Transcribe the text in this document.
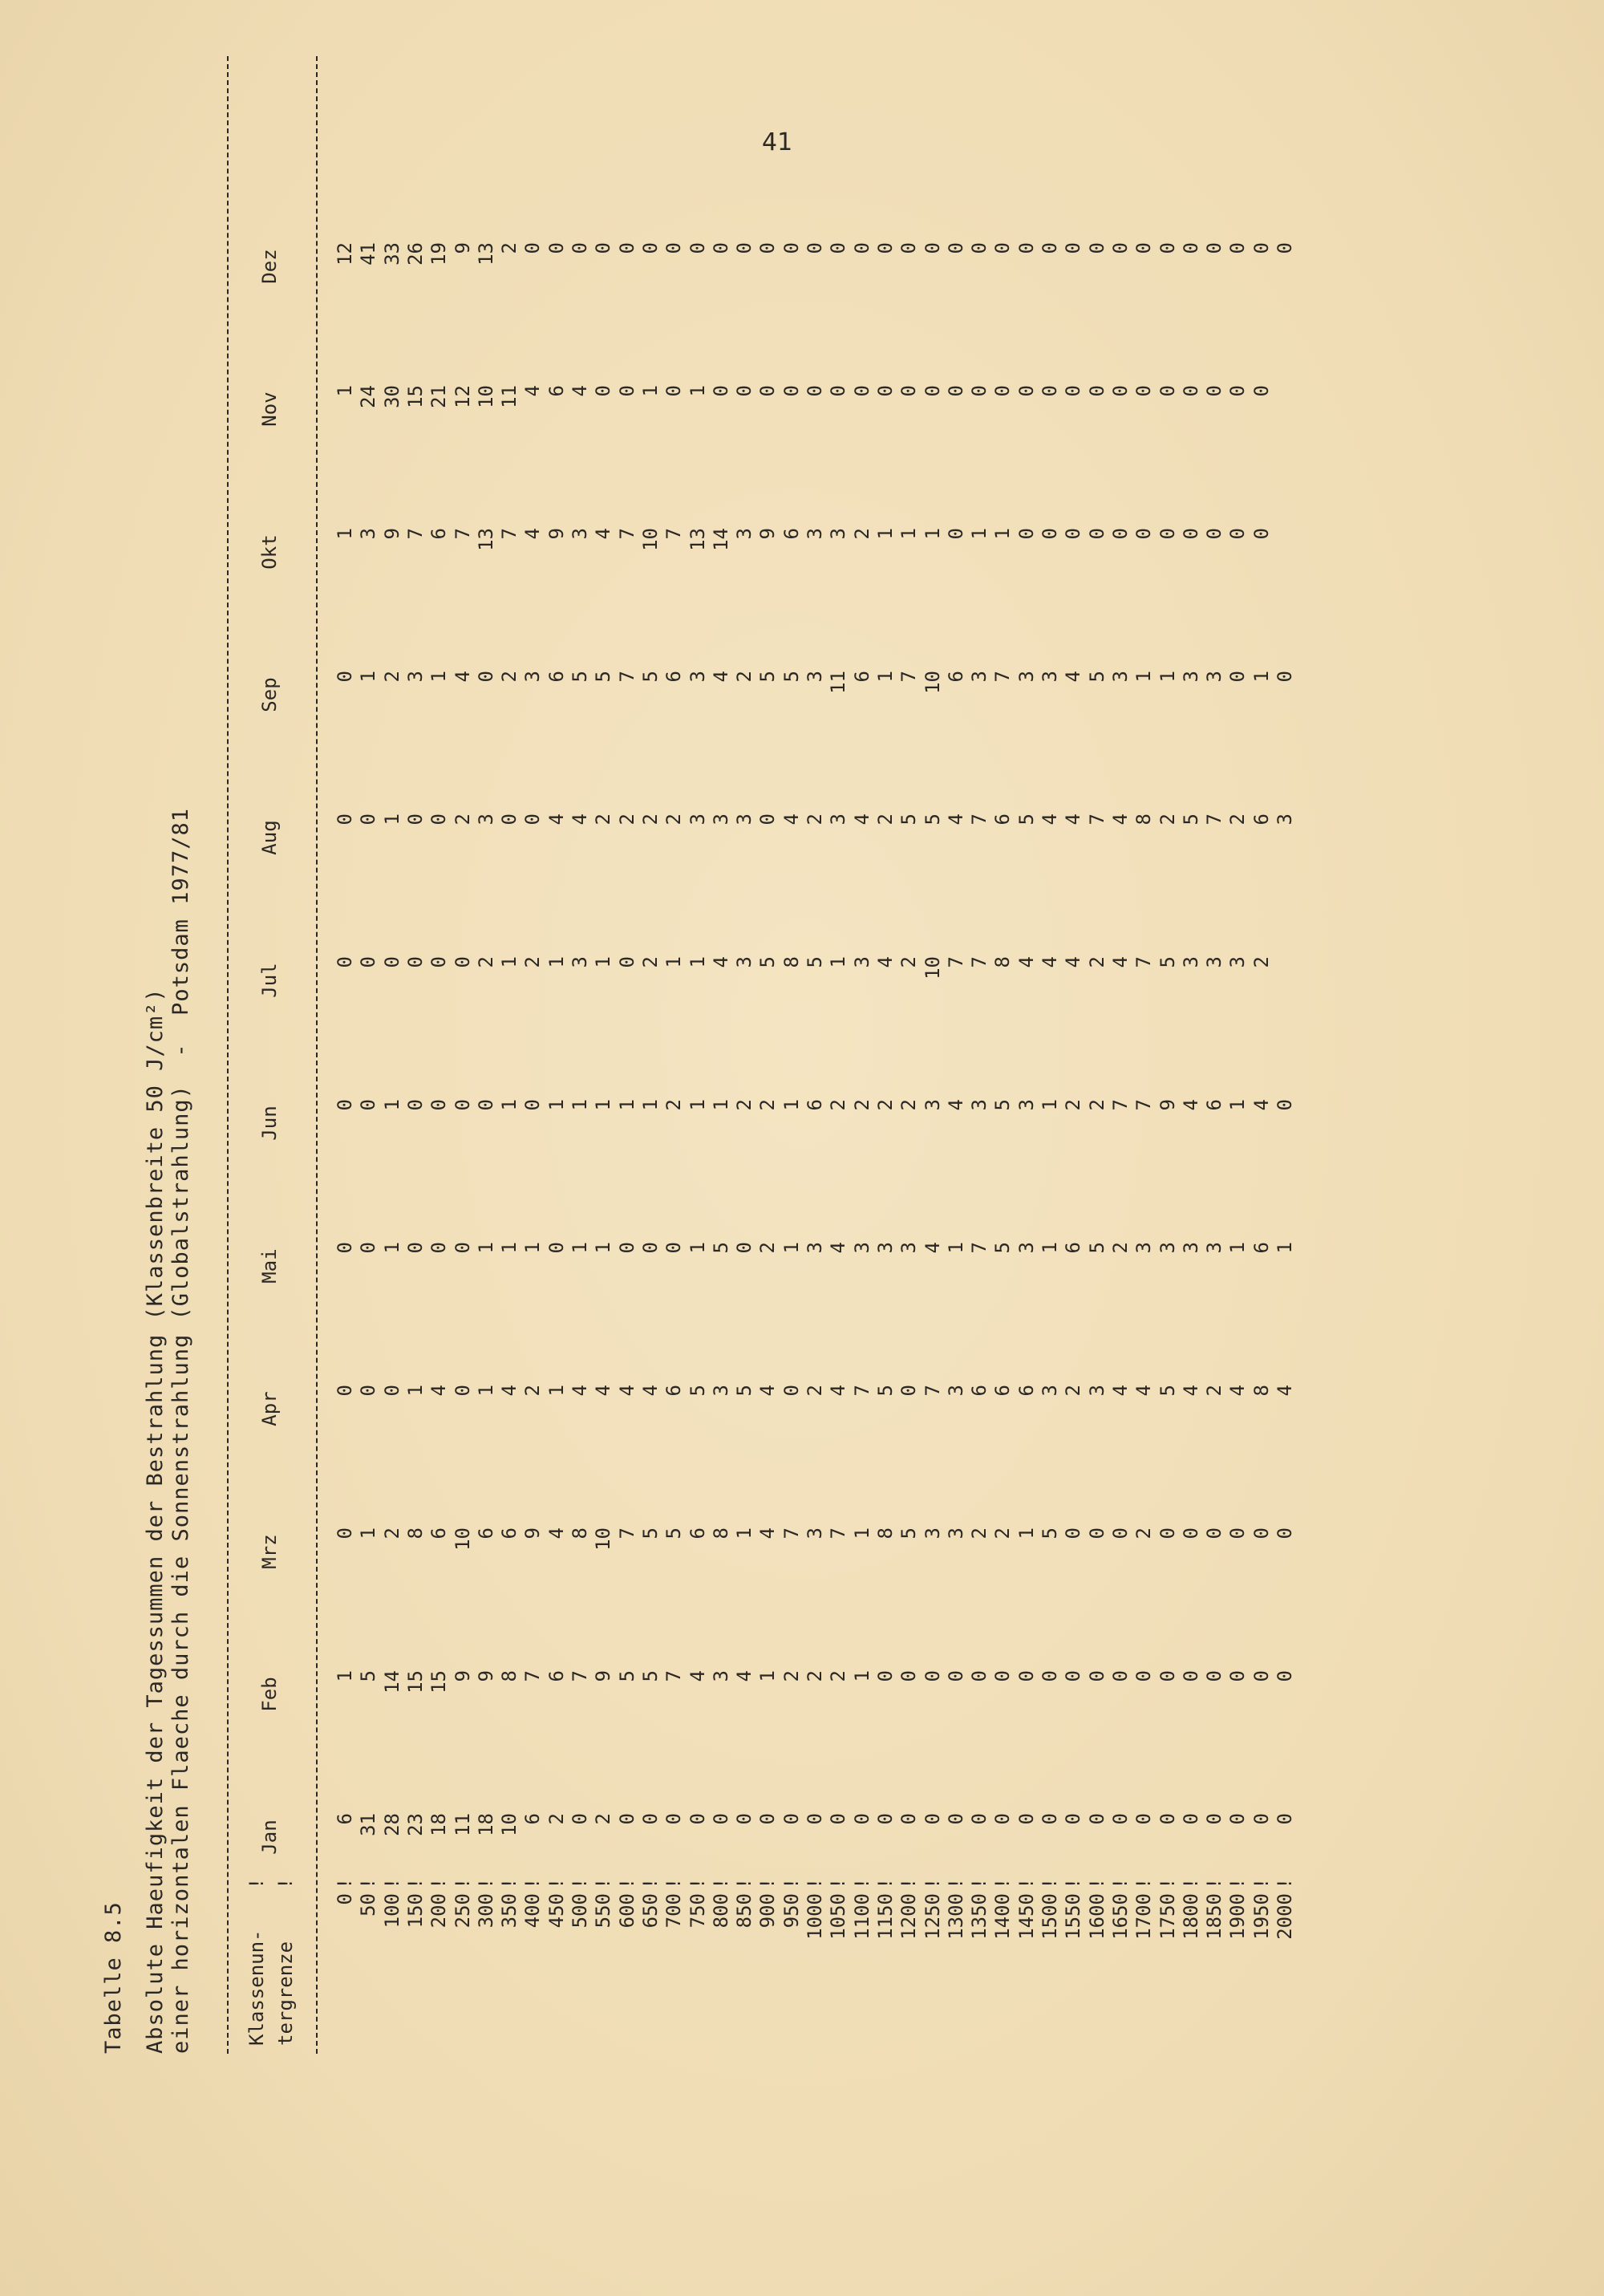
41
Tabelle 8.5 Absolute Haeufigkeit der Tagessummen der Bestrahlung (Klassenbreite 50 J/cm²) einer horizontalen Flaeche durch die Sonnenstrahlung (Globalstrahlung)  -  Potsdam 1977/81	Klassenun- tergrenze
! !
Jan
Feb
Mrz
Apr
Mai
Jun
Jul
Aug
Sep
Okt
Nov
Dez
0 50 100 150 200 250 300 350 400 450 500 550 600 650 700 750 800 850 900 950 1000 1050 1100 1150 1200 1250 1300 1350 1400 1450 1500 1550 1600 1650 1700 1750 1800 1850 1900 1950 2000
! ! ! ! ! ! ! ! ! ! ! ! ! ! ! ! ! ! ! ! ! ! ! ! ! ! ! ! ! ! ! ! ! ! ! ! ! ! ! ! !
6 31 28 23 18 11 18 10 6 2 0 2 0 0 0 0 0 0 0 0 0 0 0 0 0 0 0 0 0 0 0 0 0 0 0 0 0 0 0 0 0
1 5 14 15 15 9 9 8 7 6 7 9 5 5 7 4 3 4 1 2 2 2 1 0 0 0 0 0 0 0 0 0 0 0 0 0 0 0 0 0 0
0 1 2 8 6 10 6 6 9 4 8 10 7 5 5 6 8 1 4 7 3 7 1 8 5 3 3 2 2 1 5 0 0 0 2 0 0 0 0 0 0
0 0 0 1 4 0 1 4 2 1 4 4 4 4 6 5 3 5 4 0 2 4 7 5 0 7 3 6 6 6 3 2 3 4 4 5 4 2 4 8 4
0 0 1 0 0 0 1 1 1 0 1 1 0 0 0 1 5 0 2 1 3 4 3 3 3 4 1 7 5 3 1 6 5 2 3 3 3 3 1 6 1
0 0 1 0 0 0 0 1 0 1 1 1 1 1 2 1 1 2 2 1 6 2 2 2 2 3 4 3 5 3 1 2 2 7 7 9 4 6 1 4 0
0 0 0 0 0 0 2 1 2 1 3 1 0 2 1 1 4 3 5 8 5 1 3 4 2 10 7 7 8 4 4 4 2 4 7 5 3 3 3 2
0 0 1 0 0 2 3 0 0 4 4 2 2 2 2 3 3 3 0 4 2 3 4 2 5 5 4 7 6 5 4 4 7 4 8 2 5 7 2 6 3
0 1 2 3 1 4 0 2 3 6 5 5 7 5 6 3 4 2 5 5 3 11 6 1 7 10 6 3 7 3 3 4 5 3 1 1 3 3 0 1 0
1 3 9 7 6 7 13 7 4 9 3 4 7 10 7 13 14 3 9 6 3 3 2 1 1 1 0 1 1 0 0 0 0 0 0 0 0 0 0 0
1 24 30 15 21 12 10 11 4 6 4 0 0 1 0 1 0 0 0 0 0 0 0 0 0 0 0 0 0 0 0 0 0 0 0 0 0 0 0 0
12 41 33 26 19 9 13 2 0 0 0 0 0 0 0 0 0 0 0 0 0 0 0 0 0 0 0 0 0 0 0 0 0 0 0 0 0 0 0 0 0
